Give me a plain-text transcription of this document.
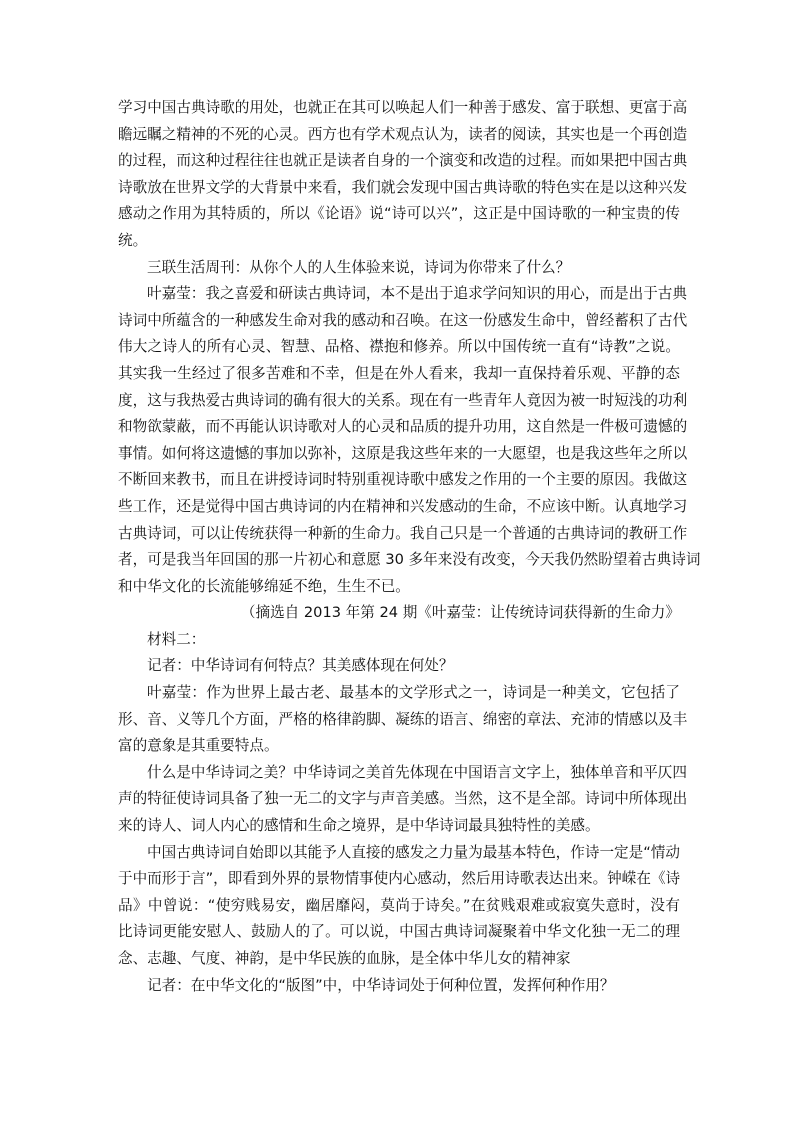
学习中国古典诗歌的用处，也就正在其可以唤起人们一种善于感发、富于联想、更富于高
瞻远瞩之精神的不死的心灵。西方也有学术观点认为，读者的阅读，其实也是一个再创造
的过程，而这种过程往往也就正是读者自身的一个演变和改造的过程。而如果把中国古典
诗歌放在世界文学的大背景中来看，我们就会发现中国古典诗歌的特色实在是以这种兴发
感动之作用为其特质的，所以《论语》说“诗可以兴”，这正是中国诗歌的一种宝贵的传
统。
三联生活周刊：从你个人的人生体验来说，诗词为你带来了什么？
叶嘉莹：我之喜爱和研读古典诗词，本不是出于追求学问知识的用心，而是出于古典
诗词中所蕴含的一种感发生命对我的感动和召唤。在这一份感发生命中，曾经蓄积了古代
伟大之诗人的所有心灵、智慧、品格、襟抱和修养。所以中国传统一直有“诗教”之说。
其实我一生经过了很多苦难和不幸，但是在外人看来，我却一直保持着乐观、平静的态
度，这与我热爱古典诗词的确有很大的关系。现在有一些青年人竟因为被一时短浅的功利
和物欲蒙蔽，而不再能认识诗歌对人的心灵和品质的提升功用，这自然是一件极可遗憾的
事情。如何将这遗憾的事加以弥补，这原是我这些年来的一大愿望，也是我这些年之所以
不断回来教书，而且在讲授诗词时特别重视诗歌中感发之作用的一个主要的原因。我做这
些工作，还是觉得中国古典诗词的内在精神和兴发感动的生命，不应该中断。认真地学习
古典诗词，可以让传统获得一种新的生命力。我自己只是一个普通的古典诗词的教研工作
者，可是我当年回国的那一片初心和意愿 30 多年来没有改变，今天我仍然盼望着古典诗词
和中华文化的长流能够绵延不绝，生生不已。
（摘选自 2013 年第 24 期《叶嘉莹：让传统诗词获得新的生命力》
材料二：
记者：中华诗词有何特点？其美感体现在何处？
叶嘉莹：作为世界上最古老、最基本的文学形式之一，诗词是一种美文，它包括了
形、音、义等几个方面，严格的格律韵脚、凝练的语言、绵密的章法、充沛的情感以及丰
富的意象是其重要特点。
什么是中华诗词之美？中华诗词之美首先体现在中国语言文字上，独体单音和平仄四
声的特征使诗词具备了独一无二的文字与声音美感。当然，这不是全部。诗词中所体现出
来的诗人、词人内心的感情和生命之境界，是中华诗词最具独特性的美感。
中国古典诗词自始即以其能予人直接的感发之力量为最基本特色，作诗一定是“情动
于中而形于言”，即看到外界的景物情事使内心感动，然后用诗歌表达出来。钟嵘在《诗
品》中曾说：“使穷贱易安，幽居靡闷，莫尚于诗矣。”在贫贱艰难或寂寞失意时，没有
比诗词更能安慰人、鼓励人的了。可以说，中国古典诗词凝聚着中华文化独一无二的理
念、志趣、气度、神韵，是中华民族的血脉，是全体中华儿女的精神家
记者：在中华文化的“版图”中，中华诗词处于何种位置，发挥何种作用？
